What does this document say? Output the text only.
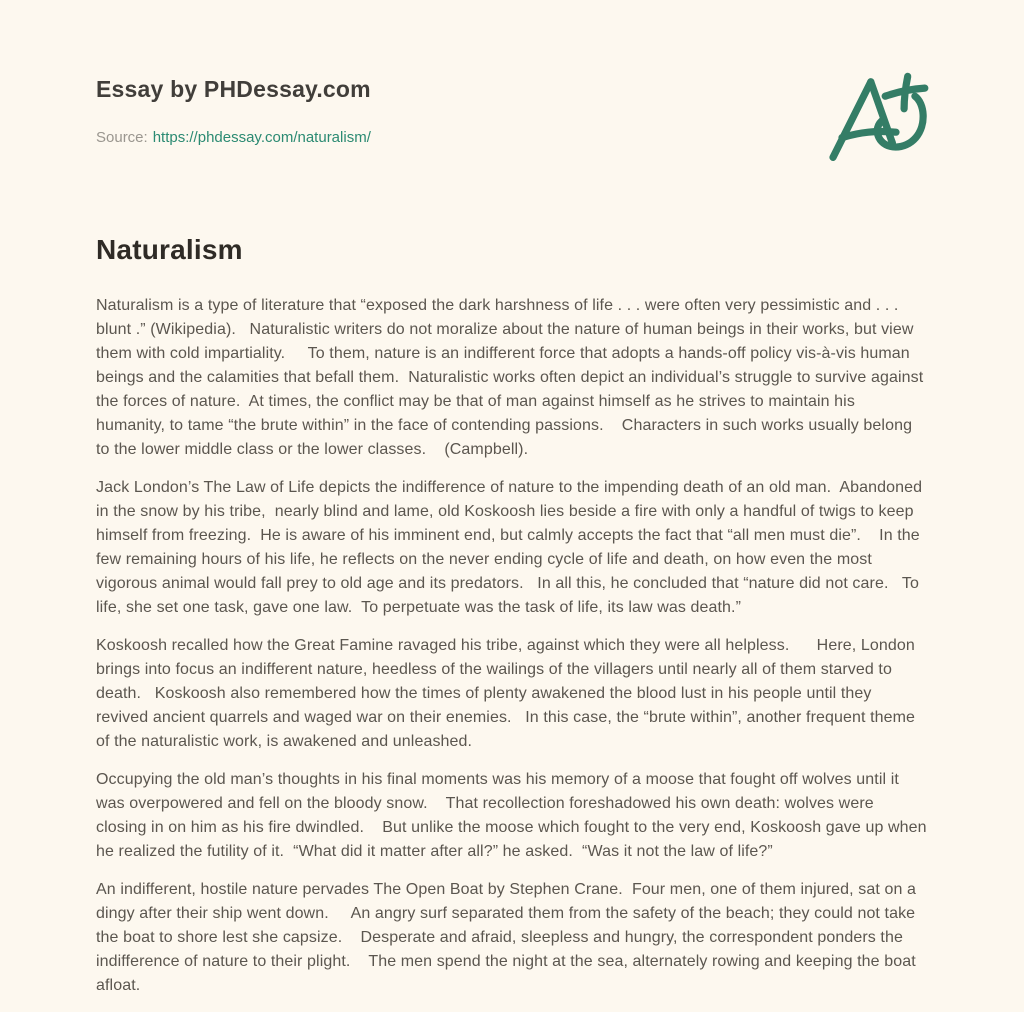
Essay by PHDessay.com
Source: https://phdessay.com/naturalism/
Naturalism

Naturalism is a type of literature that “exposed the dark harshness of life . . . were often very pessimistic and . . . blunt .” (Wikipedia).   Naturalistic writers do not moralize about the nature of human beings in their works, but view them with cold impartiality.     To them, nature is an indifferent force that adopts a hands-off policy vis-à-vis human beings and the calamities that befall them.  Naturalistic works often depict an individual’s struggle to survive against the forces of nature.  At times, the conflict may be that of man against himself as he strives to maintain his humanity, to tame “the brute within” in the face of contending passions.    Characters in such works usually belong to the lower middle class or the lower classes.    (Campbell).

Jack London’s The Law of Life depicts the indifference of nature to the impending death of an old man.  Abandoned in the snow by his tribe,  nearly blind and lame, old Koskoosh lies beside a fire with only a handful of twigs to keep himself from freezing.  He is aware of his imminent end, but calmly accepts the fact that “all men must die”.    In the few remaining hours of his life, he reflects on the never ending cycle of life and death, on how even the most vigorous animal would fall prey to old age and its predators.   In all this, he concluded that “nature did not care.   To life, she set one task, gave one law.  To perpetuate was the task of life, its law was death.”

Koskoosh recalled how the Great Famine ravaged his tribe, against which they were all helpless.      Here, London brings into focus an indifferent nature, heedless of the wailings of the villagers until nearly all of them starved to death.   Koskoosh also remembered how the times of plenty awakened the blood lust in his people until they revived ancient quarrels and waged war on their enemies.   In this case, the “brute within”, another frequent theme of the naturalistic work, is awakened and unleashed.

Occupying the old man’s thoughts in his final moments was his memory of a moose that fought off wolves until it was overpowered and fell on the bloody snow.    That recollection foreshadowed his own death: wolves were closing in on him as his fire dwindled.    But unlike the moose which fought to the very end, Koskoosh gave up when he realized the futility of it.  “What did it matter after all?” he asked.  “Was it not the law of life?”

An indifferent, hostile nature pervades The Open Boat by Stephen Crane.  Four men, one of them injured, sat on a dingy after their ship went down.     An angry surf separated them from the safety of the beach; they could not take the boat to shore lest she capsize.    Desperate and afraid, sleepless and hungry, the correspondent ponders the indifference of nature to their plight.    The men spend the night at the sea, alternately rowing and keeping the boat afloat.
